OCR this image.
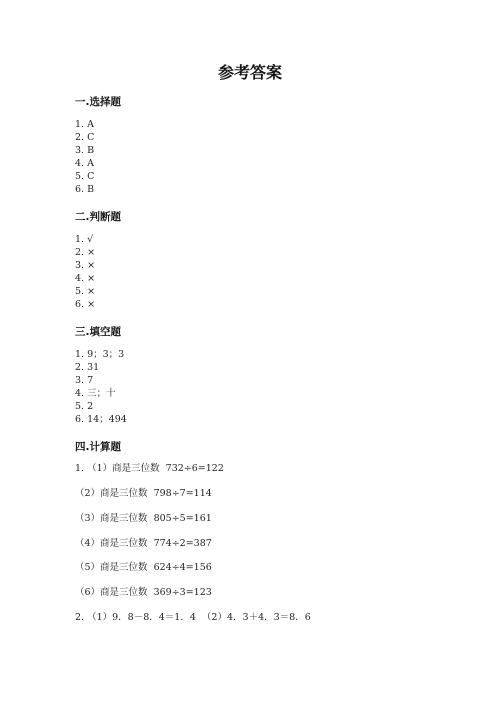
参考答案
一.选择题
1. A
2. C
3. B
4. A
5. C
6. B
二.判断题
1. √
2. ×
3. ×
4. ×
5. ×
6. ×
三.填空题
1. 9；3；3
2. 31
3. 7
4. 三；十
5. 2
6. 14；494
四.计算题
1. （1）商是三位数  732÷6=122
（2）商是三位数  798÷7=114
（3）商是三位数  805÷5=161
（4）商是三位数  774÷2=387
（5）商是三位数  624÷4=156
（6）商是三位数  369÷3=123
2. （1）9．8－8．4＝1．4  （2）4．3＋4．3＝8．6
